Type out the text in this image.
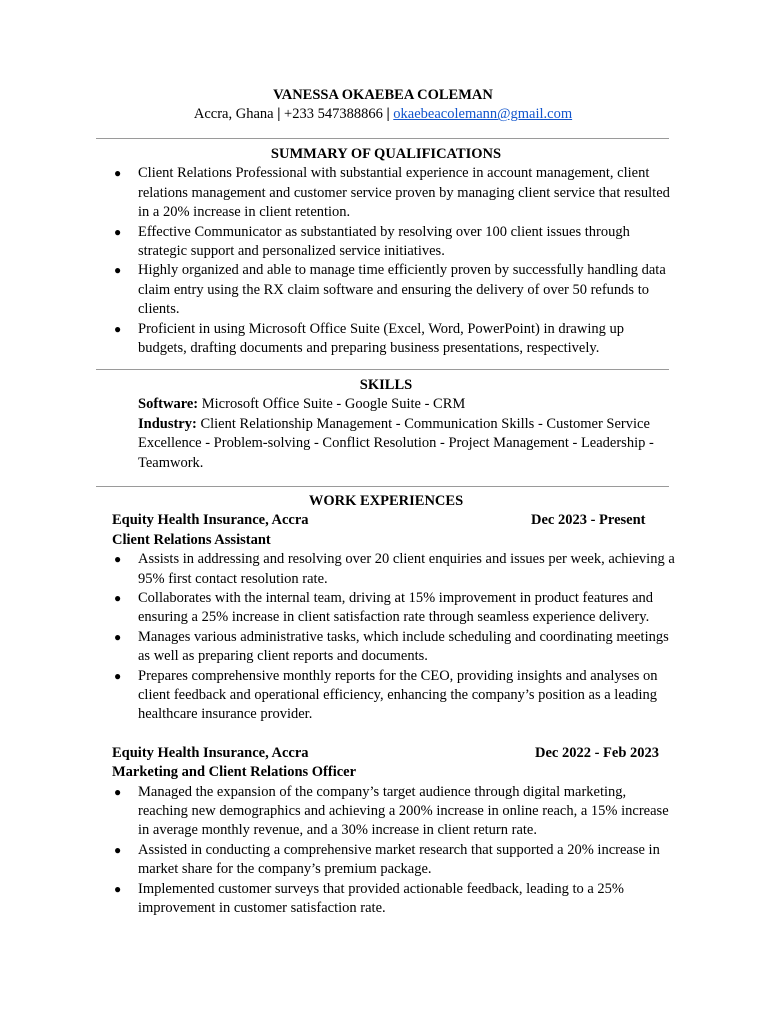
VANESSA OKAEBEA COLEMAN

Accra, Ghana | +233 547388866 | okaebeacolemann@gmail.com

SUMMARY OF QUALIFICATIONS

● Client Relations Professional with substantial experience in account management, client relations management and customer service proven by managing client service that resulted in a 20% increase in client retention.
● Effective Communicator as substantiated by resolving over 100 client issues through strategic support and personalized service initiatives.
● Highly organized and able to manage time efficiently proven by successfully handling data claim entry using the RX claim software and ensuring the delivery of over 50 refunds to clients.
● Proficient in using Microsoft Office Suite (Excel, Word, PowerPoint) in drawing up budgets, drafting documents and preparing business presentations, respectively.

SKILLS

Software: Microsoft Office Suite - Google Suite - CRM

Industry: Client Relationship Management - Communication Skills - Customer Service Excellence - Problem-solving - Conflict Resolution - Project Management - Leadership - Teamwork.

WORK EXPERIENCES

Equity Health Insurance, Accra	Dec 2023 - Present

Client Relations Assistant

● Assists in addressing and resolving over 20 client enquiries and issues per week, achieving a 95% first contact resolution rate.
● Collaborates with the internal team, driving at 15% improvement in product features and ensuring a 25% increase in client satisfaction rate through seamless experience delivery.
● Manages various administrative tasks, which include scheduling and coordinating meetings as well as preparing client reports and documents.
● Prepares comprehensive monthly reports for the CEO, providing insights and analyses on client feedback and operational efficiency, enhancing the company’s position as a leading healthcare insurance provider.
Equity Health Insurance, Accra	Dec 2022 - Feb 2023

Marketing and Client Relations Officer

● Managed the expansion of the company’s target audience through digital marketing, reaching new demographics and achieving a 200% increase in online reach, a 15% increase in average monthly revenue, and a 30% increase in client return rate.
● Assisted in conducting a comprehensive market research that supported a 20% increase in market share for the company’s premium package.
● Implemented customer surveys that provided actionable feedback, leading to a 25% improvement in customer satisfaction rate.
